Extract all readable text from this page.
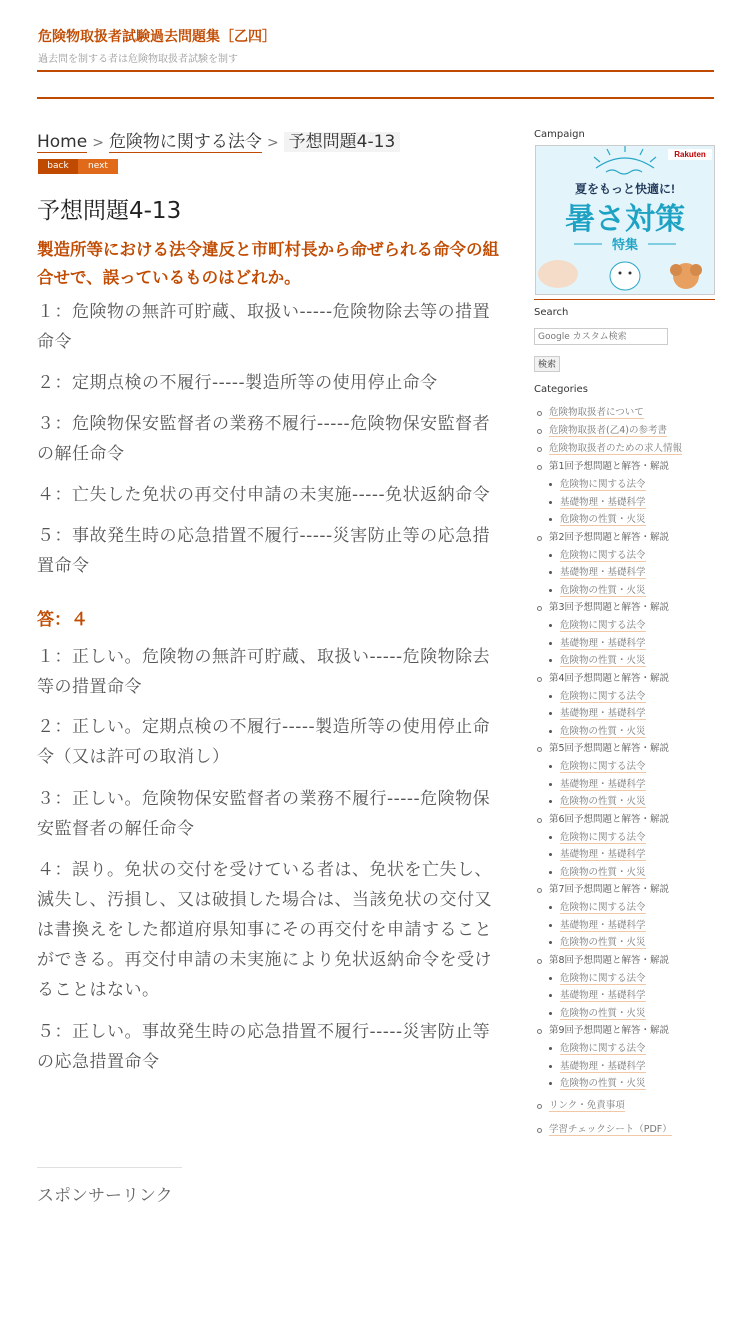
危険物取扱者試験過去問題集［乙四］
過去問を制する者は危険物取扱者試験を制す
Home > 危険物に関する法令 > 予想問題4-13
back	next
予想問題4-13
製造所等における法令違反と市町村長から命ぜられる命令の組合せで、誤っているものはどれか。
１：危険物の無許可貯蔵、取扱い-----危険物除去等の措置命令
２：定期点検の不履行-----製造所等の使用停止命令
３：危険物保安監督者の業務不履行-----危険物保安監督者の解任命令
４：亡失した免状の再交付申請の未実施-----免状返納命令
５：事故発生時の応急措置不履行-----災害防止等の応急措置命令
答：４
１：正しい。危険物の無許可貯蔵、取扱い-----危険物除去等の措置命令
２：正しい。定期点検の不履行-----製造所等の使用停止命令（又は許可の取消し）
３：正しい。危険物保安監督者の業務不履行-----危険物保安監督者の解任命令
４：誤り。免状の交付を受けている者は、免状を亡失し、滅失し、汚損し、又は破損した場合は、当該免状の交付又は書換えをした都道府県知事にその再交付を申請することができる。再交付申請の未実施により免状返納命令を受けることはない。
５：正しい。事故発生時の応急措置不履行-----災害防止等の応急措置命令
スポンサーリンク
Campaign
夏をもっと快適に!
暑さ対策
特集
Rakuten
Search
Google カスタム検索
検索
Categories
危険物取扱者について
危険物取扱者(乙4)の参考書
危険物取扱者のための求人情報
第1回予想問題と解答・解説
危険物に関する法令
基礎物理・基礎科学
危険物の性質・火災
第2回予想問題と解答・解説
危険物に関する法令
基礎物理・基礎科学
危険物の性質・火災
第3回予想問題と解答・解説
危険物に関する法令
基礎物理・基礎科学
危険物の性質・火災
第4回予想問題と解答・解説
危険物に関する法令
基礎物理・基礎科学
危険物の性質・火災
第5回予想問題と解答・解説
危険物に関する法令
基礎物理・基礎科学
危険物の性質・火災
第6回予想問題と解答・解説
危険物に関する法令
基礎物理・基礎科学
危険物の性質・火災
第7回予想問題と解答・解説
危険物に関する法令
基礎物理・基礎科学
危険物の性質・火災
第8回予想問題と解答・解説
危険物に関する法令
基礎物理・基礎科学
危険物の性質・火災
第9回予想問題と解答・解説
危険物に関する法令
基礎物理・基礎科学
危険物の性質・火災
リンク・免責事項
学習チェックシート（PDF）
